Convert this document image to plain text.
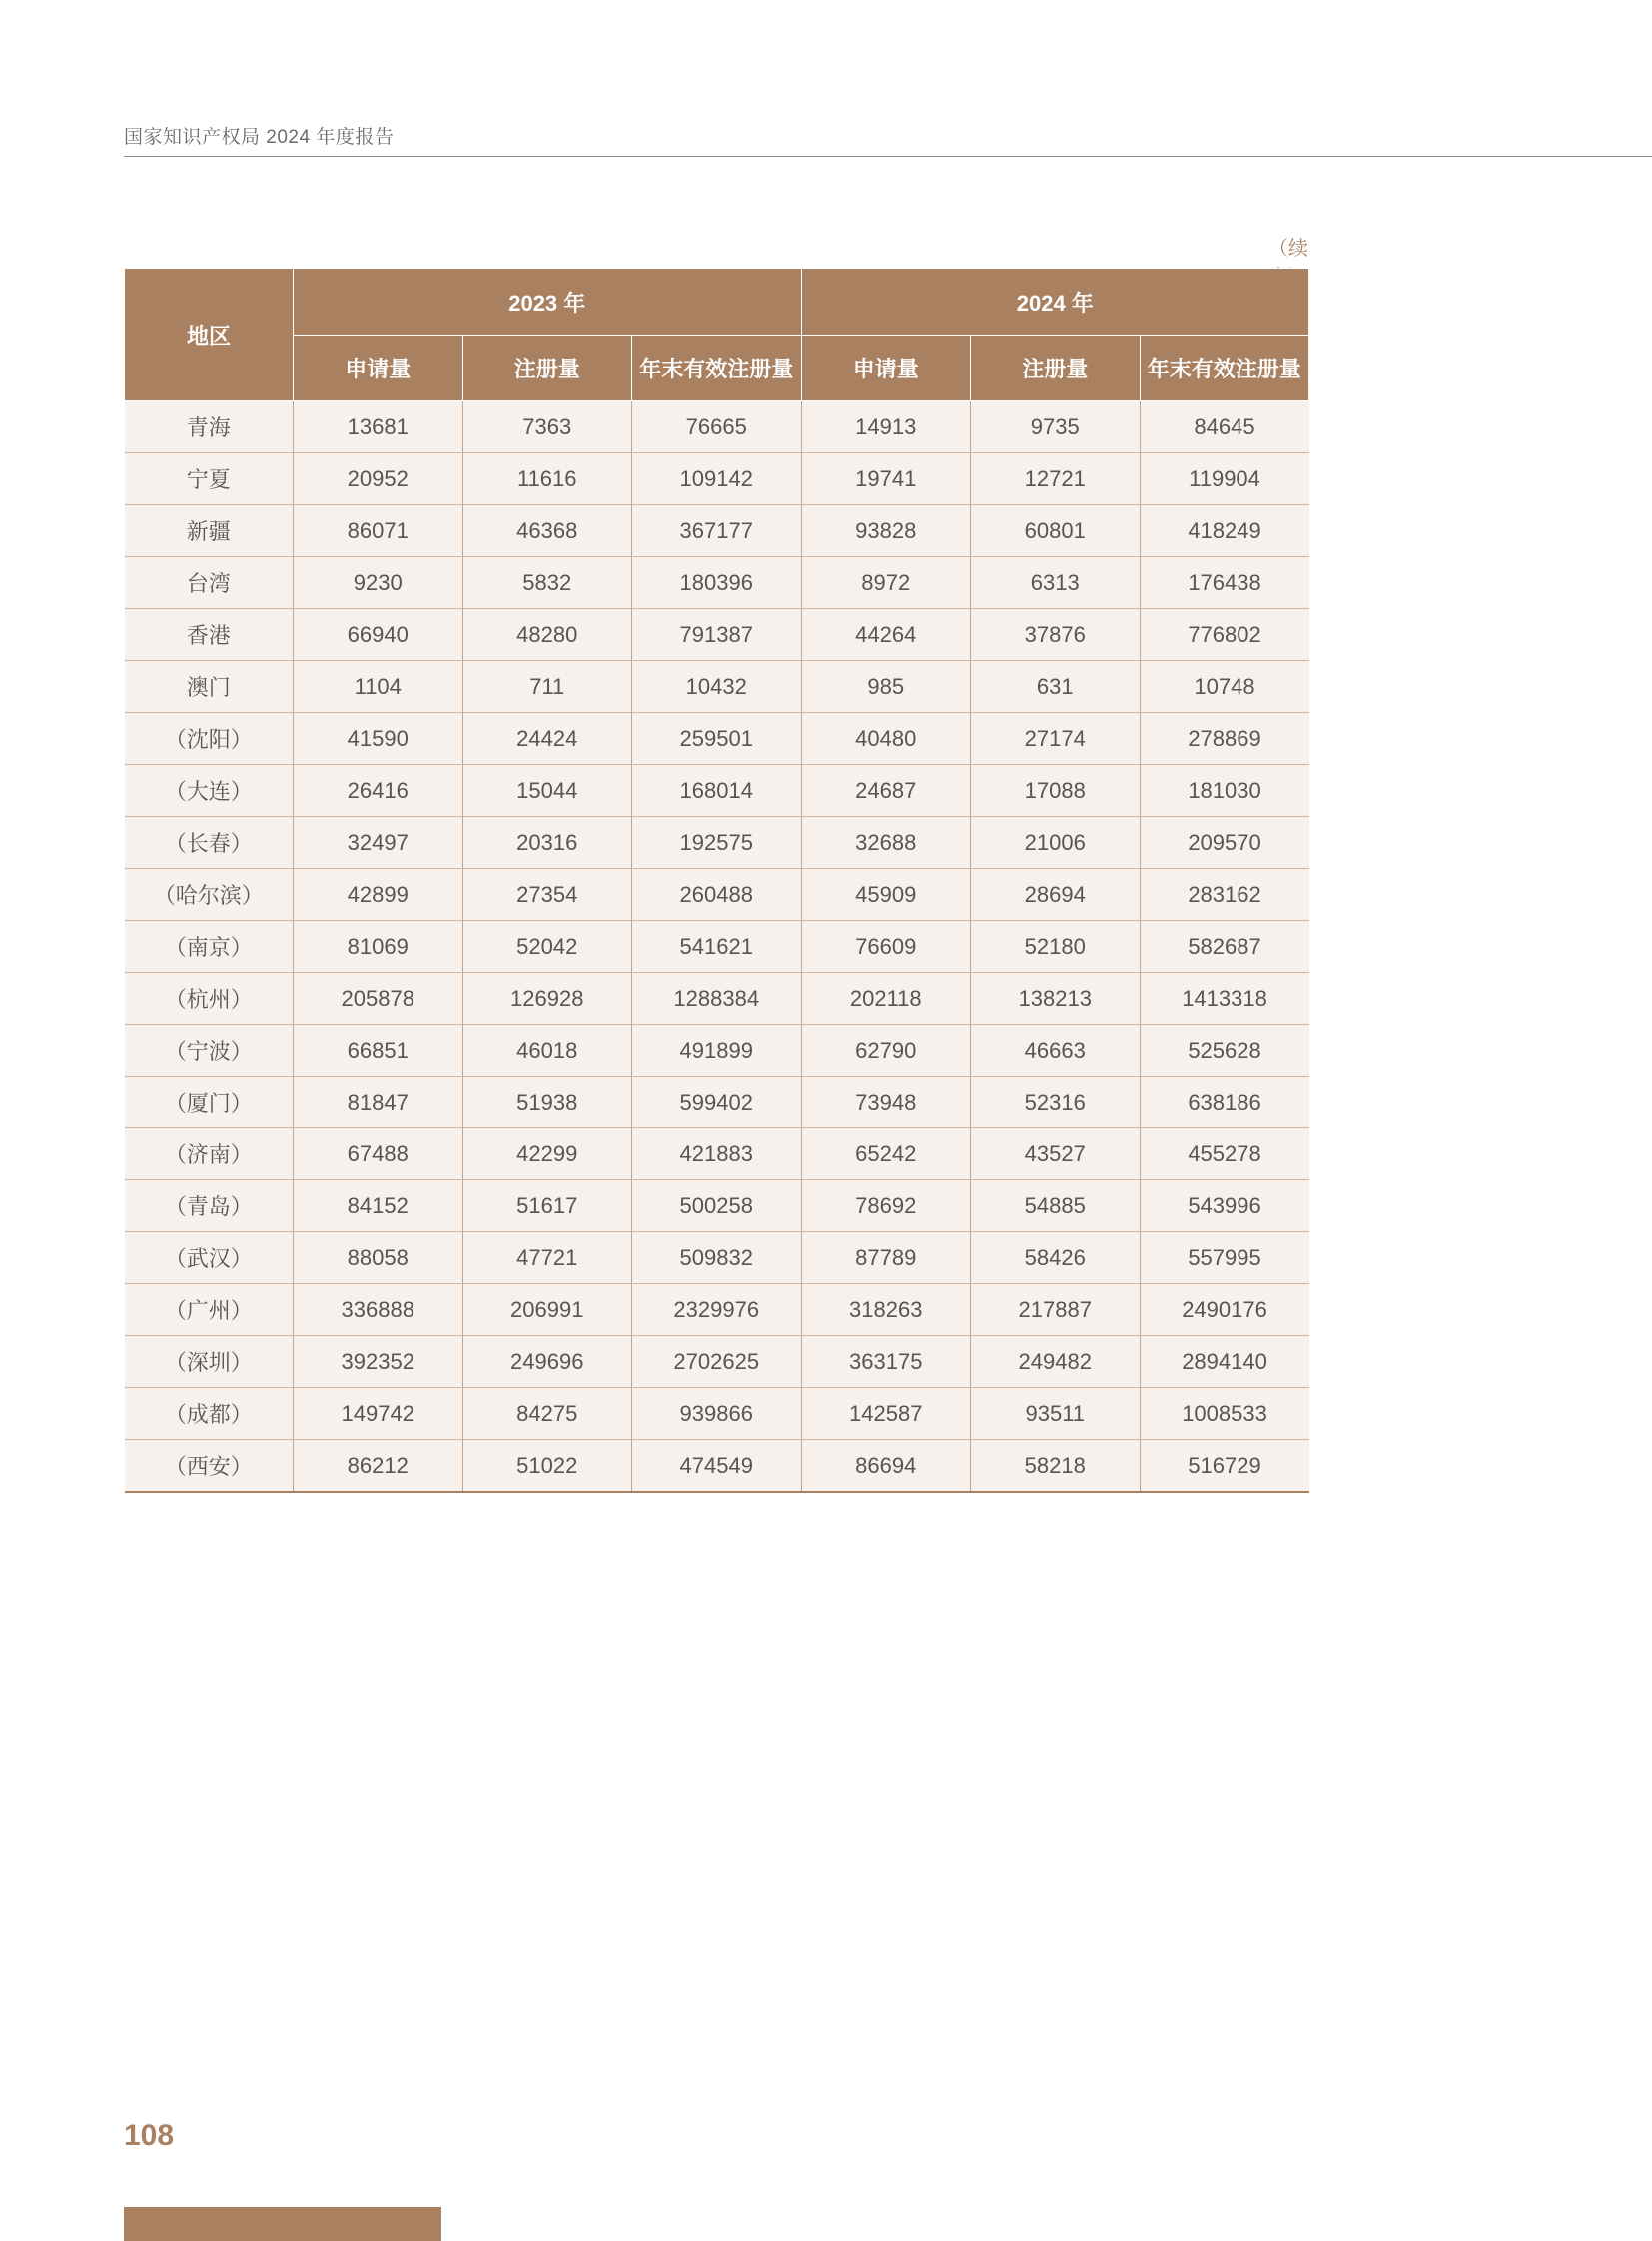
国家知识产权局 2024 年度报告
（续
地区	2023 年			2024 年		
	申请量	注册量	年末有效注册量	申请量	注册量	年末有效注册量
青海	13681	7363	76665	14913	9735	84645
宁夏	20952	11616	109142	19741	12721	119904
新疆	86071	46368	367177	93828	60801	418249
台湾	9230	5832	180396	8972	6313	176438
香港	66940	48280	791387	44264	37876	776802
澳门	1104	711	10432	985	631	10748
（沈阳）	41590	24424	259501	40480	27174	278869
（大连）	26416	15044	168014	24687	17088	181030
（长春）	32497	20316	192575	32688	21006	209570
（哈尔滨）	42899	27354	260488	45909	28694	283162
（南京）	81069	52042	541621	76609	52180	582687
（杭州）	205878	126928	1288384	202118	138213	1413318
（宁波）	66851	46018	491899	62790	46663	525628
（厦门）	81847	51938	599402	73948	52316	638186
（济南）	67488	42299	421883	65242	43527	455278
（青岛）	84152	51617	500258	78692	54885	543996
（武汉）	88058	47721	509832	87789	58426	557995
（广州）	336888	206991	2329976	318263	217887	2490176
（深圳）	392352	249696	2702625	363175	249482	2894140
（成都）	149742	84275	939866	142587	93511	1008533
（西安）	86212	51022	474549	86694	58218	516729
108
